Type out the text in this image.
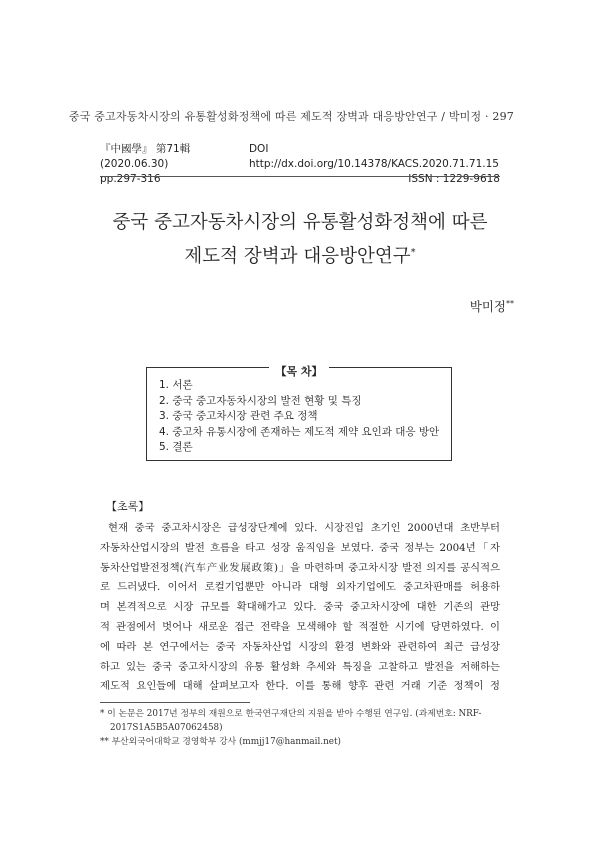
중국 중고자동차시장의 유통활성화정책에 따른 제도적 장벽과 대응방안연구 / 박미정 · 297
『中國學』 第71輯 (2020.06.30)
DOI http://dx.doi.org/10.14378/KACS.2020.71.71.15
pp.297-316	ISSN : 1229-9618
중국 중고자동차시장의 유통활성화정책에 따른
제도적 장벽과 대응방안연구*
박미정**
【목 차】
1. 서론
2. 중국 중고자동차시장의 발전 현황 및 특징
3. 중국 중고차시장 관련 주요 정책
4. 중고차 유통시장에 존재하는 제도적 제약 요인과 대응 방안
5. 결론
【초록】
현재 중국 중고차시장은 급성장단계에 있다. 시장진입 초기인 2000년대 초반부터
자동차산업시장의 발전 흐름을 타고 성장 움직임을 보였다. 중국 정부는 2004년「자
동차산업발전정책(汽车产业发展政策)」을 마련하며 중고차시장 발전 의지를 공식적으
로 드러냈다. 이어서 로컬기업뿐만 아니라 대형 외자기업에도 중고차판매를 허용하
며 본격적으로 시장 규모를 확대해가고 있다. 중국 중고차시장에 대한 기존의 관망
적 관점에서 벗어나 새로운 접근 전략을 모색해야 할 적절한 시기에 당면하였다. 이
에 따라 본 연구에서는 중국 자동차산업 시장의 환경 변화와 관련하여 최근 급성장
하고 있는 중국 중고차시장의 유통 활성화 추세와 특징을 고찰하고 발전을 저해하는
제도적 요인들에 대해 살펴보고자 한다. 이를 통해 향후 관련 거래 기준 정책이 정
* 이 논문은 2017년 정부의 재원으로 한국연구재단의 지원을 받아 수행된 연구임. (과제번호: NRF-2017S1A5B5A07062458)
** 부산외국어대학교 경영학부 강사 (mmjj17@hanmail.net)
